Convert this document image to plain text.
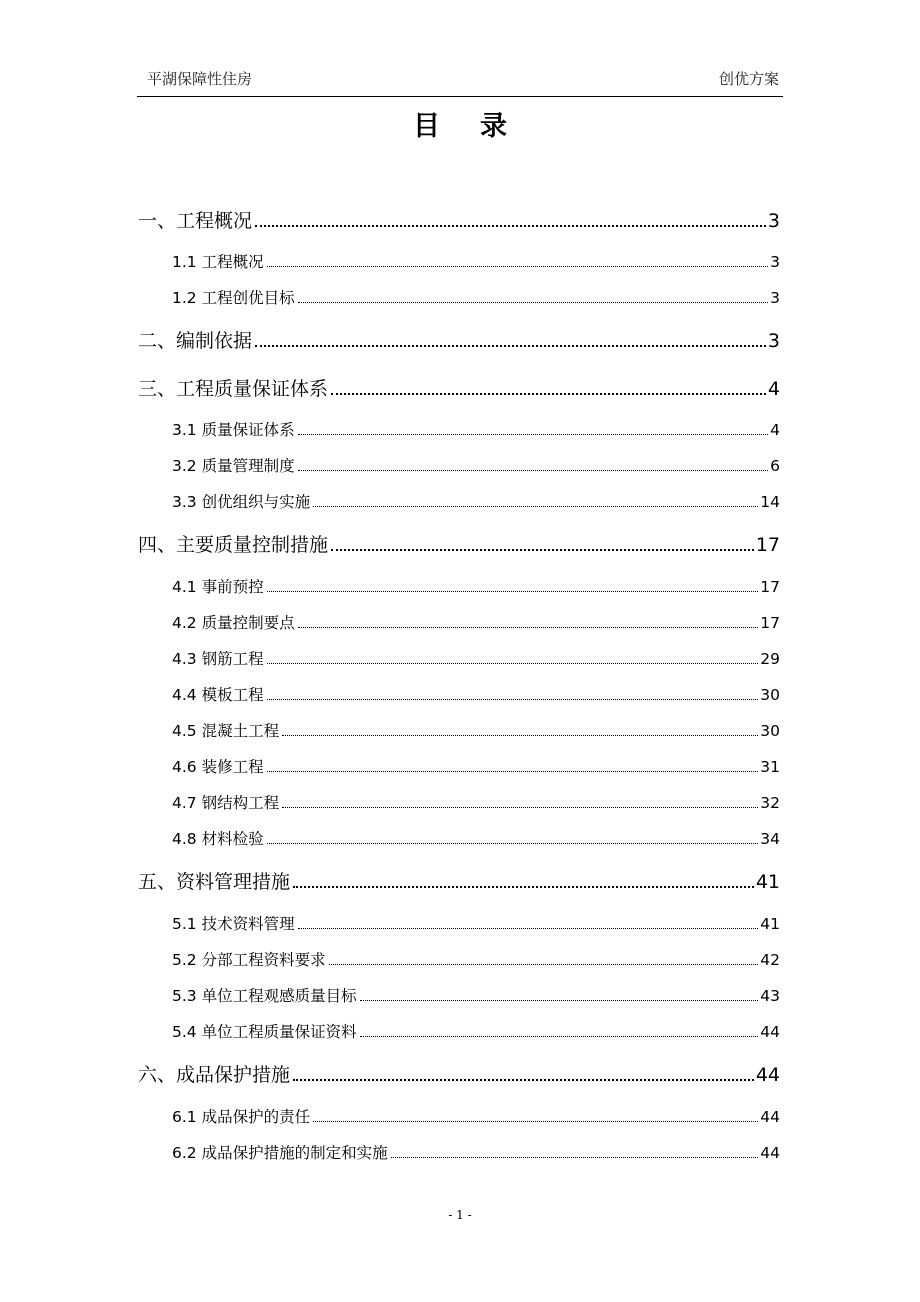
平湖保障性住房	创优方案
目录
一、工程概况	3
1.1 工程概况	3
1.2 工程创优目标	3
二、编制依据	3
三、工程质量保证体系	4
3.1 质量保证体系	4
3.2 质量管理制度	6
3.3 创优组织与实施	14
四、主要质量控制措施	17
4.1 事前预控	17
4.2 质量控制要点	17
4.3 钢筋工程	29
4.4 模板工程	30
4.5 混凝土工程	30
4.6 装修工程	31
4.7 钢结构工程	32
4.8 材料检验	34
五、资料管理措施	41
5.1 技术资料管理	41
5.2 分部工程资料要求	42
5.3 单位工程观感质量目标	43
5.4 单位工程质量保证资料	44
六、成品保护措施	44
6.1 成品保护的责任	44
6.2 成品保护措施的制定和实施	44
- 1 -
